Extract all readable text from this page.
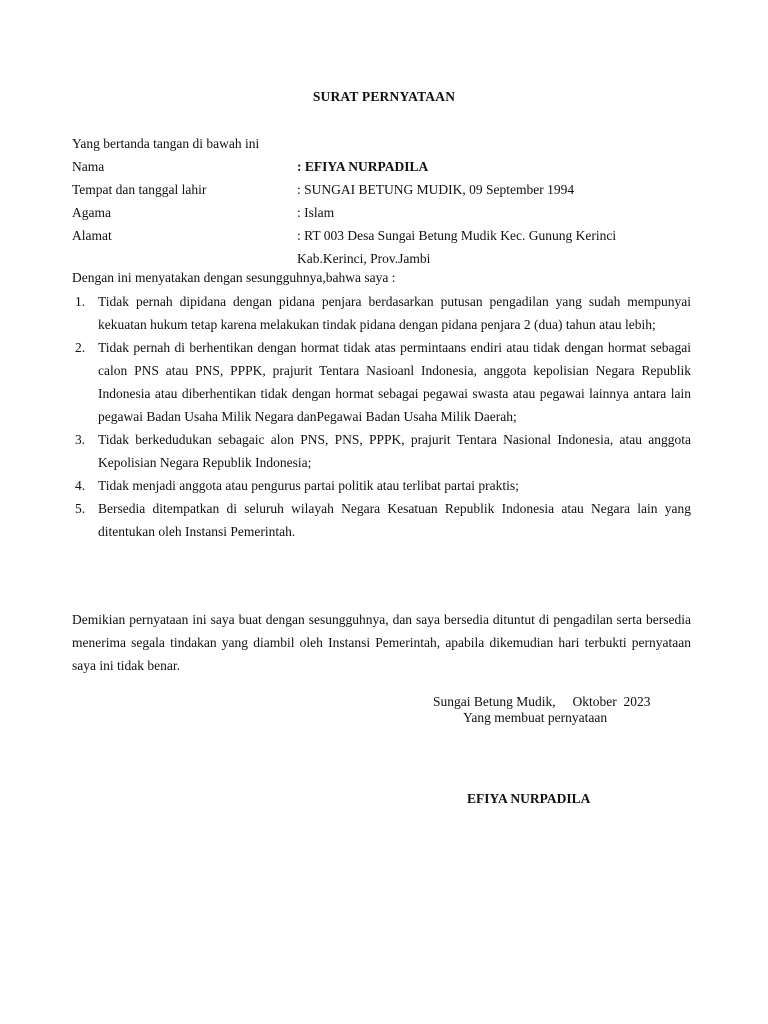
SURAT PERNYATAAN
Yang bertanda tangan di bawah ini
Nama	: EFIYA NURPADILA
Tempat dan tanggal lahir	: SUNGAI BETUNG MUDIK, 09 September 1994
Agama	: Islam
Alamat	: RT 003 Desa Sungai Betung Mudik Kec. Gunung Kerinci
Kab.Kerinci, Prov.Jambi
Dengan ini menyatakan dengan sesungguhnya,bahwa saya :
1. Tidak pernah dipidana dengan pidana penjara berdasarkan putusan pengadilan yang sudah mempunyai kekuatan hukum tetap karena melakukan tindak pidana dengan pidana penjara 2 (dua) tahun atau lebih;
2. Tidak pernah di berhentikan dengan hormat tidak atas permintaans endiri atau tidak dengan hormat sebagai calon PNS atau PNS, PPPK, prajurit Tentara Nasioanl Indonesia, anggota kepolisian Negara Republik Indonesia atau diberhentikan tidak dengan hormat sebagai pegawai swasta atau pegawai lainnya antara lain pegawai Badan Usaha Milik Negara danPegawai Badan Usaha Milik Daerah;
3. Tidak berkedudukan sebagaic alon PNS, PNS, PPPK, prajurit Tentara Nasional Indonesia, atau anggota Kepolisian Negara Republik Indonesia;
4. Tidak menjadi anggota atau pengurus partai politik atau terlibat partai praktis;
5. Bersedia ditempatkan di seluruh wilayah Negara Kesatuan Republik Indonesia atau Negara lain yang ditentukan oleh Instansi Pemerintah.
Demikian pernyataan ini saya buat dengan sesungguhnya, dan saya bersedia dituntut di pengadilan serta bersedia menerima segala tindakan yang diambil oleh Instansi Pemerintah, apabila dikemudian hari terbukti pernyataan saya ini tidak benar.
Sungai Betung Mudik,     Oktober  2023
Yang membuat pernyataan
EFIYA NURPADILA
